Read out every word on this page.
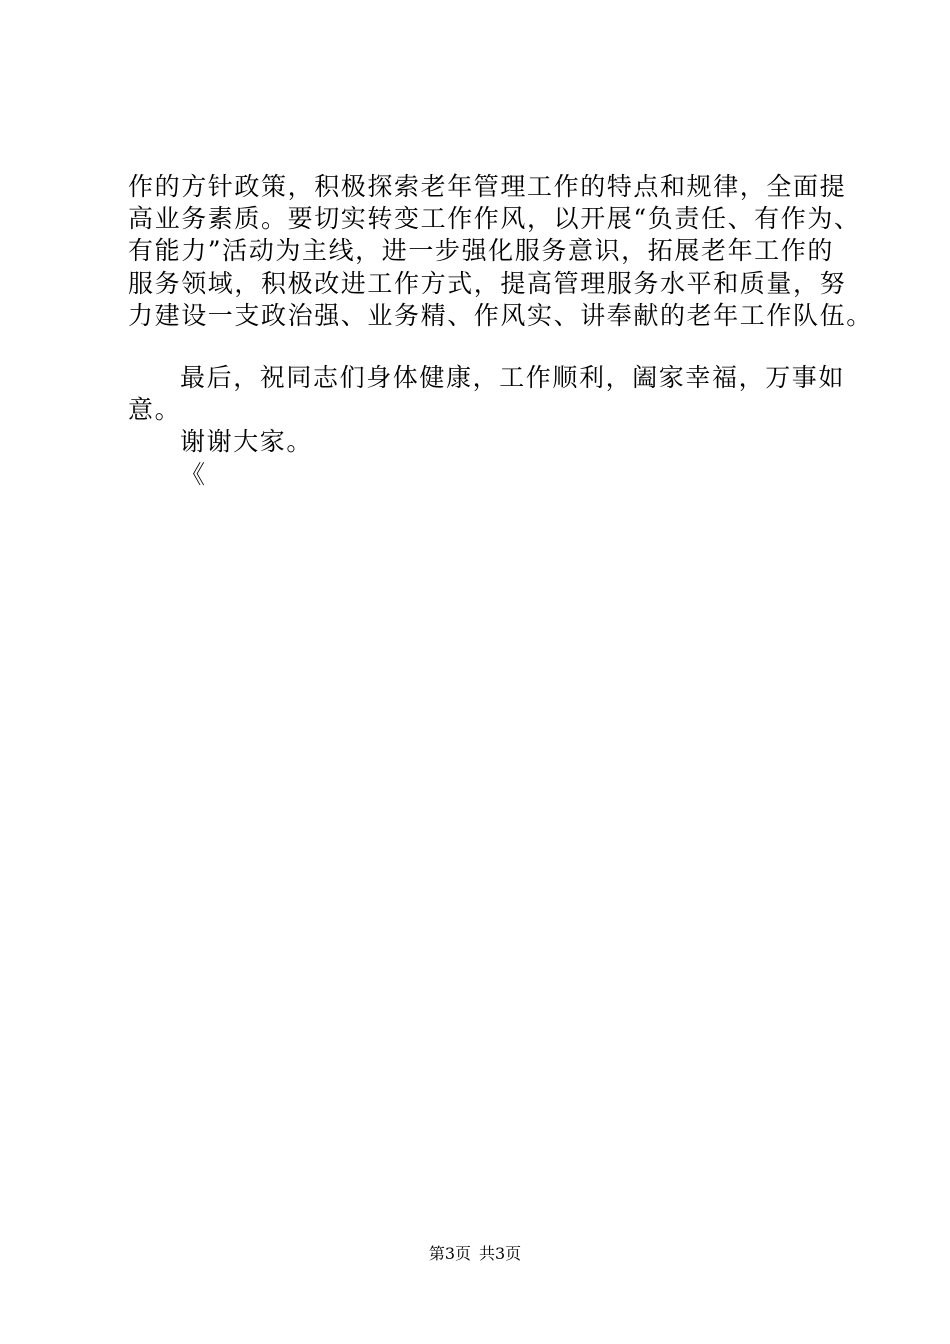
作的方针政策，积极探索老年管理工作的特点和规律，全面提
高业务素质。要切实转变工作作风，以开展“负责任、有作为、
有能力”活动为主线，进一步强化服务意识，拓展老年工作的
服务领域，积极改进工作方式，提高管理服务水平和质量，努
力建设一支政治强、业务精、作风实、讲奉献的老年工作队伍。
最后，祝同志们身体健康，工作顺利，阖家幸福，万事如
意。
谢谢大家。
《
第3页 共3页
